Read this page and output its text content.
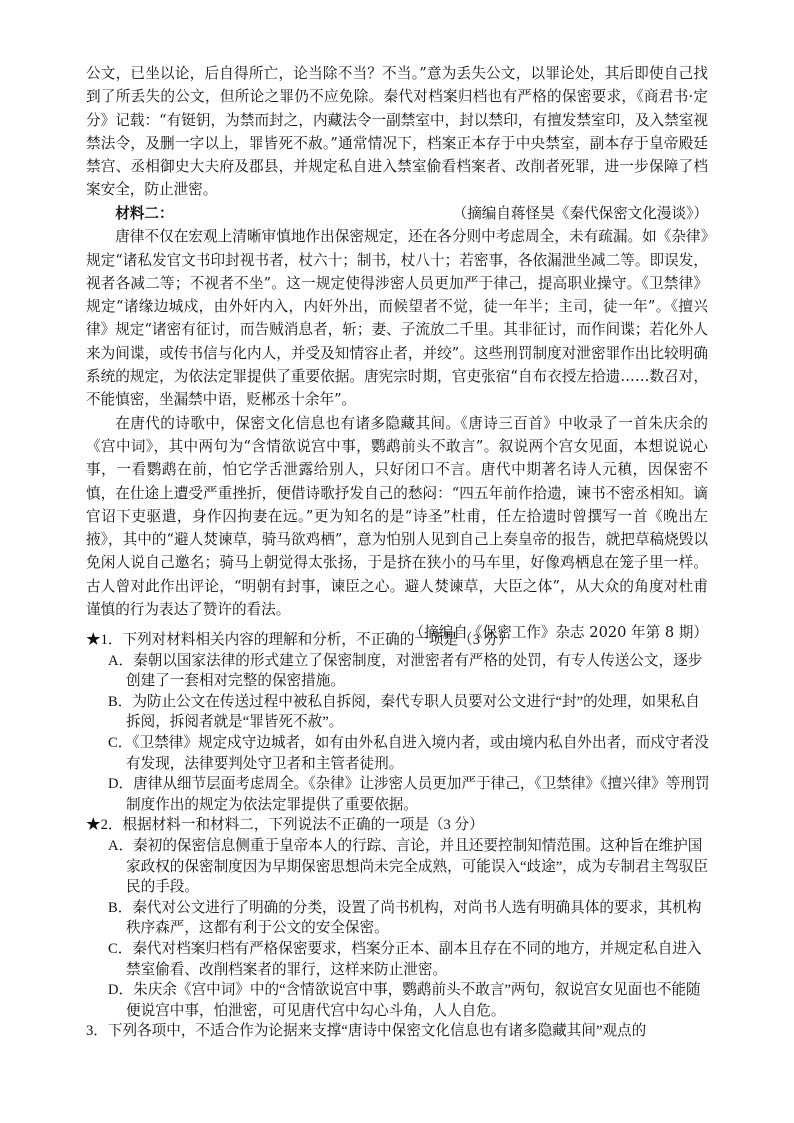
公文，已坐以论，后自得所亡，论当除不当？不当。”意为丢失公文，以罪论处，其后即使自己找到了所丢失的公文，但所论之罪仍不应免除。秦代对档案归档也有严格的保密要求，《商君书·定分》记载：“有铤钥，为禁而封之，内藏法令一副禁室中，封以禁印，有擅发禁室印，及入禁室视禁法令，及删一字以上，罪皆死不赦。”通常情况下，档案正本存于中央禁室，副本存于皇帝殿廷禁宫、丞相御史大夫府及郡县，并规定私自进入禁室偷看档案者、改削者死罪，进一步保障了档案安全，防止泄密。

（摘编自蒋怪昊《秦代保密文化漫谈》）
材料二：

唐律不仅在宏观上清晰审慎地作出保密规定，还在各分则中考虑周全，未有疏漏。如《杂律》规定“诸私发官文书印封视书者，杖六十；制书，杖八十；若密事，各依漏泄坐减二等。即误发，视者各减二等；不视者不坐”。这一规定使得涉密人员更加严于律己，提高职业操守。《卫禁律》规定“诸缘边城戍，由外奸内入，内奸外出，而候望者不觉，徒一年半；主司，徒一年”。《擅兴律》规定“诸密有征讨，而告贼消息者，斩；妻、子流放二千里。其非征讨，而作间谍；若化外人来为间谍，或传书信与化内人，并受及知情容止者，并绞”。这些刑罚制度对泄密罪作出比较明确系统的规定，为依法定罪提供了重要依据。唐宪宗时期，官吏张宿“自布衣授左拾遗……数召对，不能慎密，坐漏禁中语，贬郴丞十余年”。

在唐代的诗歌中，保密文化信息也有诸多隐藏其间。《唐诗三百首》中收录了一首朱庆余的《宫中词》，其中两句为“含情欲说宫中事，鹦鹉前头不敢言”。叙说两个宫女见面，本想说说心事，一看鹦鹉在前，怕它学舌泄露给别人，只好闭口不言。唐代中期著名诗人元稹，因保密不慎，在仕途上遭受严重挫折，便借诗歌抒发自己的愁闷：“四五年前作拾遗，谏书不密丞相知。谪官诏下吏驱遣，身作囚拘妻在远。”更为知名的是“诗圣”杜甫，任左拾遗时曾撰写一首《晚出左掖》，其中的“避人焚谏草，骑马欲鸡栖”，意为怕别人见到自己上奏皇帝的报告，就把草稿烧毁以免闲人说自己邀名；骑马上朝觉得太张扬，于是挤在狭小的马车里，好像鸡栖息在笼子里一样。古人曾对此作出评论，“明朝有封事，谏臣之心。避人焚谏草，大臣之体”，从大众的角度对杜甫谨慎的行为表达了赞许的看法。

（摘编自《保密工作》杂志 2020 年第 8 期）

★1．下列对材料相关内容的理解和分析，不正确的一项是（3 分）

A．秦朝以国家法律的形式建立了保密制度，对泄密者有严格的处罚，有专人传送公文，逐步创建了一套相对完整的保密措施。

B．为防止公文在传送过程中被私自拆阅，秦代专职人员要对公文进行“封”的处理，如果私自拆阅，拆阅者就是“罪皆死不赦”。

C．《卫禁律》规定戍守边城者，如有由外私自进入境内者，或由境内私自外出者，而戍守者没有发现，法律要判处守卫者和主管者徒刑。

D．唐律从细节层面考虑周全。《杂律》让涉密人员更加严于律己，《卫禁律》《擅兴律》等刑罚制度作出的规定为依法定罪提供了重要依据。

★2．根据材料一和材料二，下列说法不正确的一项是（3 分）

A．秦初的保密信息侧重于皇帝本人的行踪、言论，并且还要控制知情范围。这种旨在维护国家政权的保密制度因为早期保密思想尚未完全成熟，可能误入“歧途”，成为专制君主驾驭臣民的手段。

B．秦代对公文进行了明确的分类，设置了尚书机构，对尚书人选有明确具体的要求，其机构秩序森严，这都有利于公文的安全保密。

C．秦代对档案归档有严格保密要求，档案分正本、副本且存在不同的地方，并规定私自进入禁室偷看、改削档案者的罪行，这样来防止泄密。

D．朱庆余《宫中词》中的“含情欲说宫中事，鹦鹉前头不敢言”两句，叙说宫女见面也不能随便说宫中事，怕泄密，可见唐代宫中勾心斗角，人人自危。

3．下列各项中，不适合作为论据来支撑“唐诗中保密文化信息也有诸多隐藏其间”观点的
